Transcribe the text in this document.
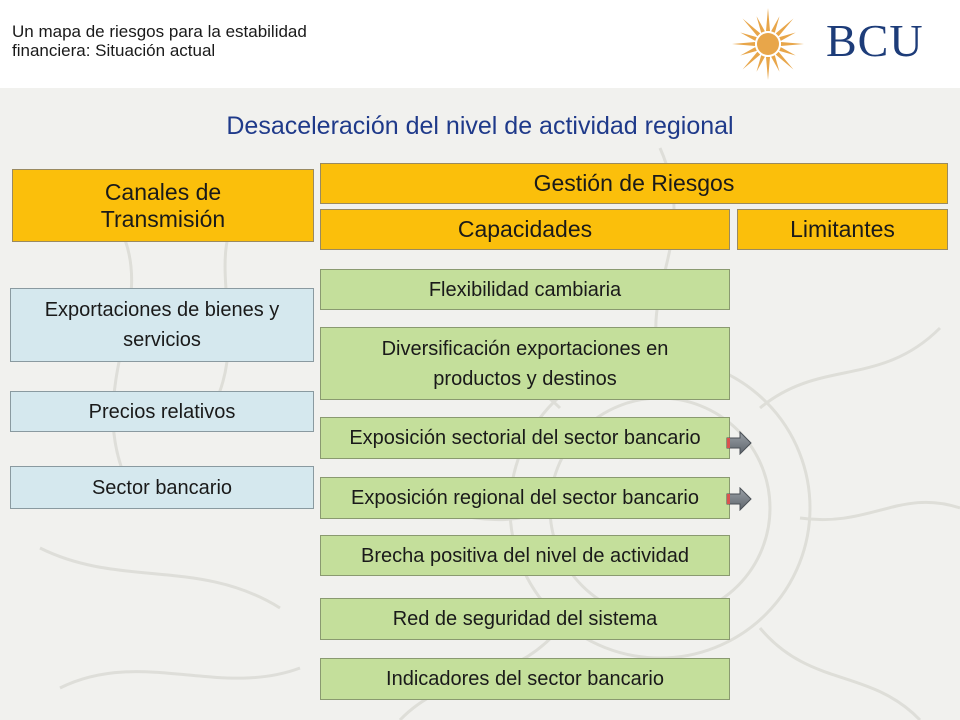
Un mapa de riesgos para la estabilidad
financiera: Situación actual	BCU
Desaceleración del nivel de actividad regional
Canales de Transmisión
Gestión de Riesgos
Capacidades	Limitantes
Exportaciones de bienes y servicios
Precios relativos
Sector bancario
Flexibilidad cambiaria
Diversificación exportaciones en productos y destinos
Exposición sectorial del sector bancario
Exposición regional del sector bancario
Brecha positiva del nivel de actividad
Red de seguridad del sistema
Indicadores del sector bancario
